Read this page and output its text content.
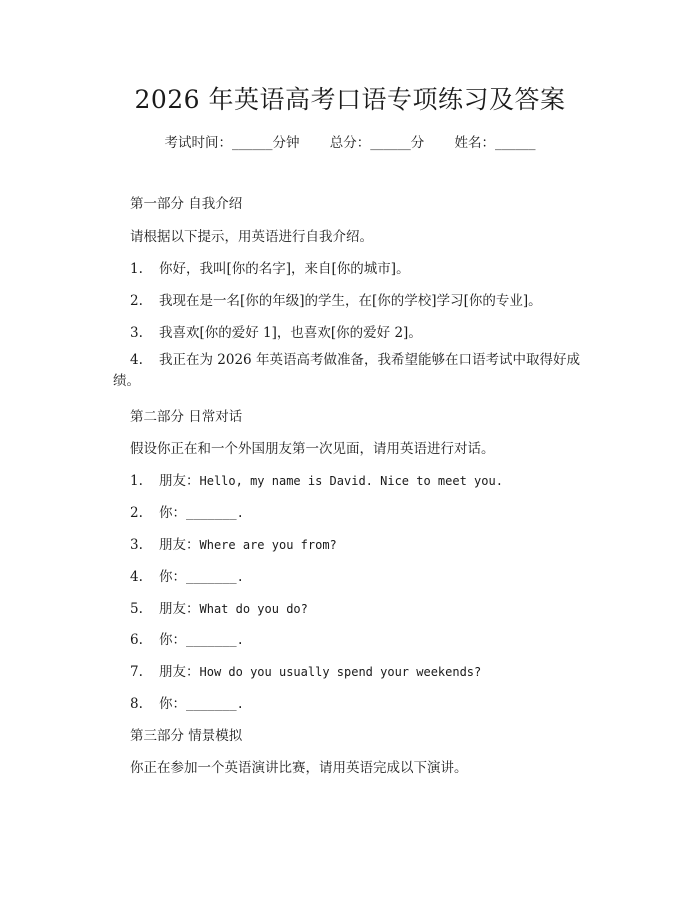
2026 年英语高考口语专项练习及答案
考试时间：______分钟 总分：______分 姓名：______
第一部分 自我介绍
请根据以下提示，用英语进行自我介绍。
1. 你好，我叫[你的名字]，来自[你的城市]。
2. 我现在是一名[你的年级]的学生，在[你的学校]学习[你的专业]。
3. 我喜欢[你的爱好 1]，也喜欢[你的爱好 2]。
4. 我正在为 2026 年英语高考做准备，我希望能够在口语考试中取得好成
绩。
第二部分 日常对话
假设你正在和一个外国朋友第一次见面，请用英语进行对话。
1. 朋友：Hello, my name is David. Nice to meet you.
2. 你：_______.
3. 朋友：Where are you from?
4. 你：_______.
5. 朋友：What do you do?
6. 你：_______.
7. 朋友：How do you usually spend your weekends?
8. 你：_______.
第三部分 情景模拟
你正在参加一个英语演讲比赛，请用英语完成以下演讲。
